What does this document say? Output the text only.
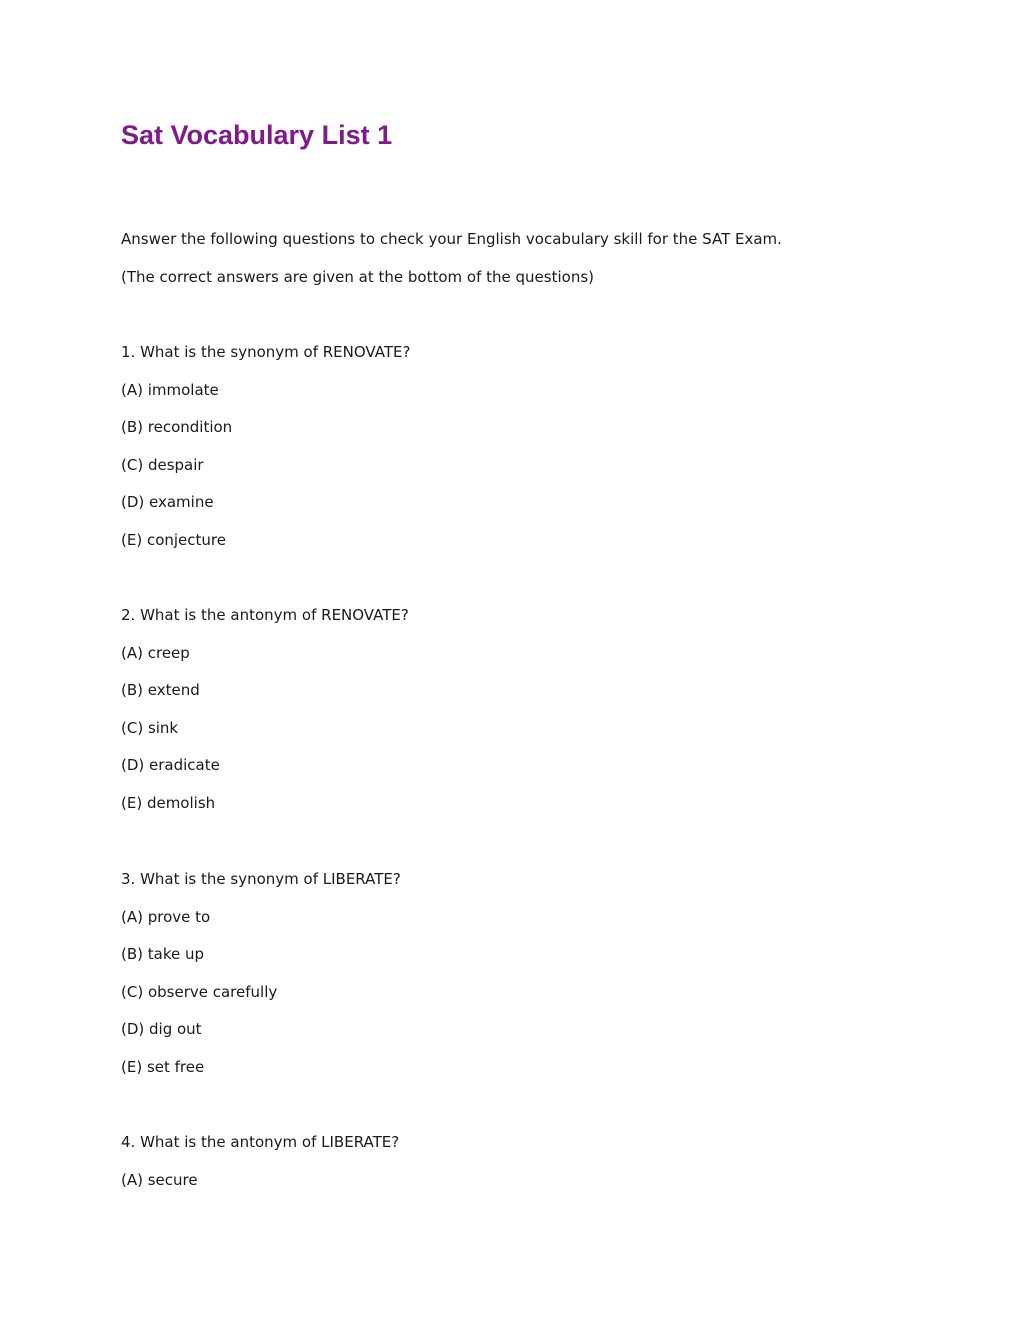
Sat Vocabulary List 1

Answer the following questions to check your English vocabulary skill for the SAT Exam.

(The correct answers are given at the bottom of the questions)

1. What is the synonym of RENOVATE?

(A) immolate

(B) recondition

(C) despair

(D) examine

(E) conjecture

2. What is the antonym of RENOVATE?

(A) creep

(B) extend

(C) sink

(D) eradicate

(E) demolish

3. What is the synonym of LIBERATE?

(A) prove to

(B) take up

(C) observe carefully

(D) dig out

(E) set free

4. What is the antonym of LIBERATE?

(A) secure
